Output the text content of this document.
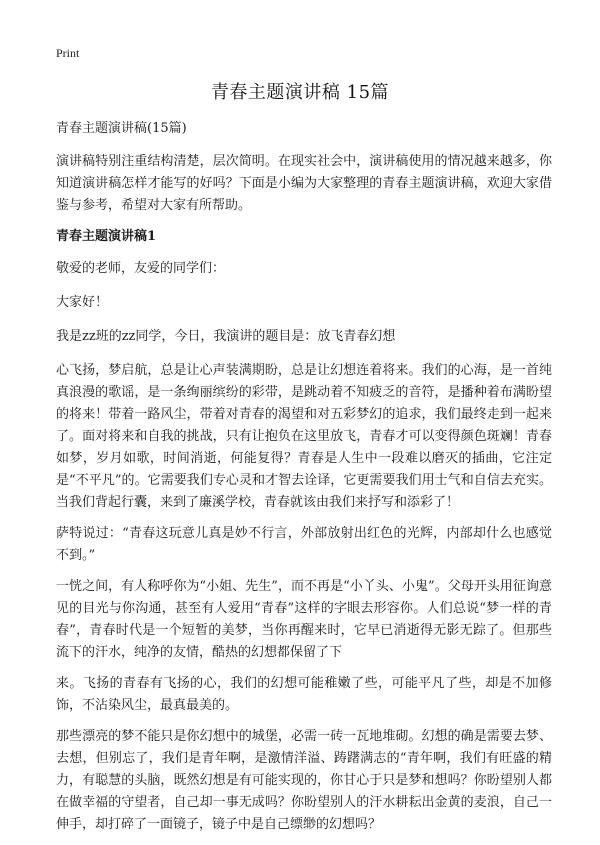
Print
青春主题演讲稿 15篇

青春主题演讲稿(15篇)

演讲稿特别注重结构清楚，层次简明。在现实社会中，演讲稿使用的情况越来越多，你知道演讲稿怎样才能写的好吗？下面是小编为大家整理的青春主题演讲稿，欢迎大家借鉴与参考，希望对大家有所帮助。

青春主题演讲稿1

敬爱的老师，友爱的同学们：

大家好！

我是zz班的zz同学，今日，我演讲的题目是：放飞青春幻想

心飞扬，梦启航，总是让心声装满期盼，总是让幻想连着将来。我们的心海，是一首纯真浪漫的歌谣，是一条绚丽缤纷的彩带，是跳动着不知疲乏的音符，是播种着布满盼望的将来！带着一路风尘，带着对青春的渴望和对五彩梦幻的追求，我们最终走到一起来了。面对将来和自我的挑战，只有让抱负在这里放飞，青春才可以变得颜色斑斓！青春如梦，岁月如歌，时间消逝，何能复得？青春是人生中一段难以磨灭的插曲，它注定是“不平凡”的。它需要我们专心灵和才智去诠译，它更需要我们用士气和自信去充实。当我们背起行囊，来到了廉溪学校，青春就该由我们来抒写和添彩了！

萨特说过：“青春这玩意儿真是妙不行言，外部放射出红色的光辉，内部却什么也感觉不到。”

一恍之间，有人称呼你为“小姐、先生”，而不再是“小丫头、小鬼”。父母开头用征询意见的目光与你沟通，甚至有人爱用“青春”这样的字眼去形容你。人们总说“梦一样的青春”，青春时代是一个短暂的美梦，当你再醒来时，它早已消逝得无影无踪了。但那些流下的汗水，纯净的友情，酷热的幻想都保留了下

来。飞扬的青春有飞扬的心，我们的幻想可能稚嫩了些，可能平凡了些，却是不加修饰，不沾染风尘，最真最美的。

那些漂亮的梦不能只是你幻想中的城堡，必需一砖一瓦地堆砌。幻想的确是需要去梦、去想，但别忘了，我们是青年啊，是激情洋溢、踌躇满志的“青年啊，我们有旺盛的精力，有聪慧的头脑，既然幻想是有可能实现的，你甘心于只是梦和想吗？你盼望别人都在做幸福的守望者，自己却一事无成吗？你盼望别人的汗水耕耘出金黄的麦浪，自己一伸手，却打碎了一面镜子，镜子中是自己缥缈的幻想吗？
